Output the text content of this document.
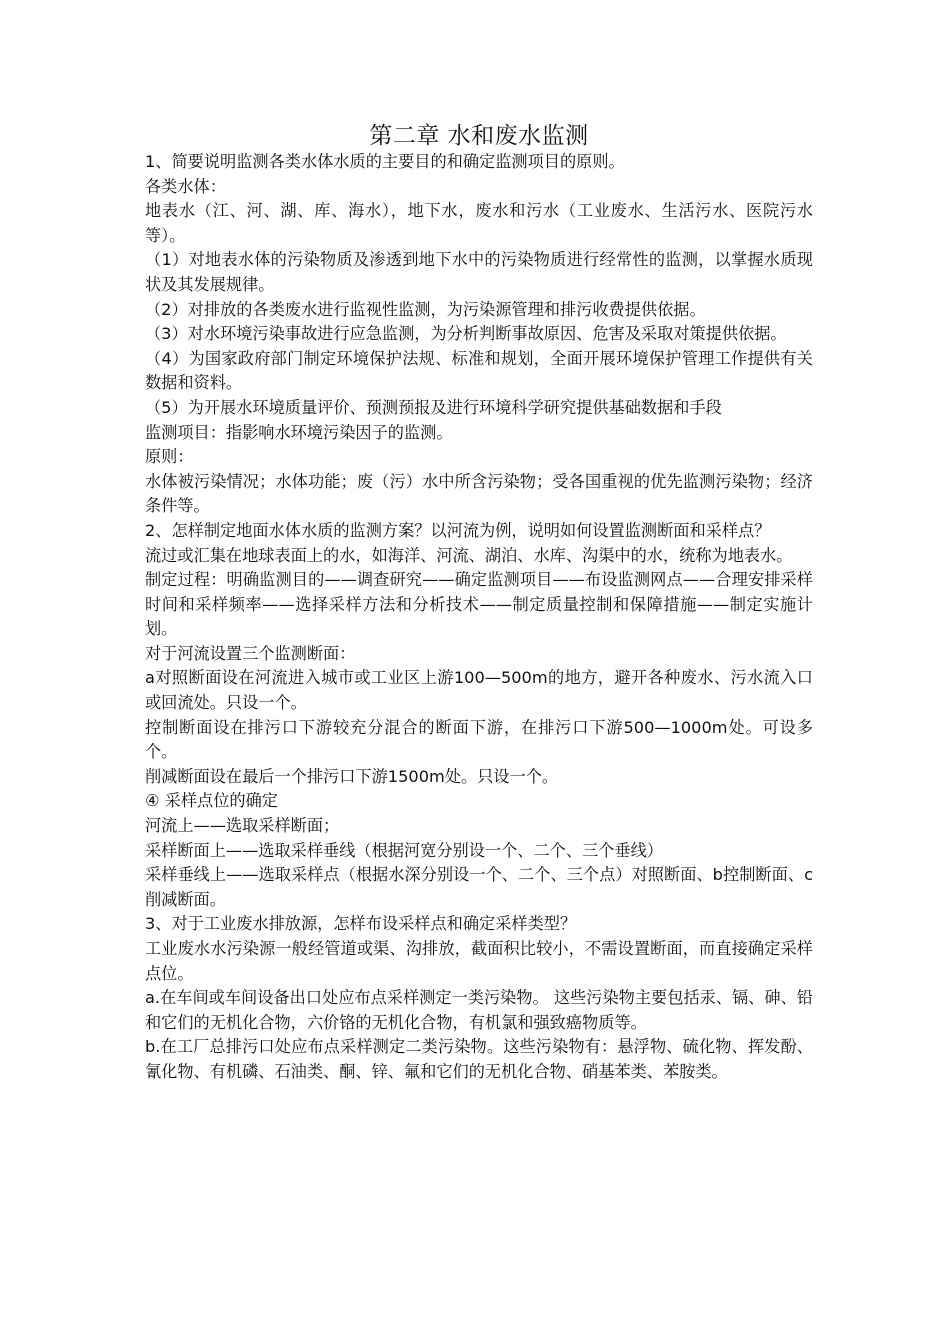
第二章 水和废水监测

1、简要说明监测各类水体水质的主要目的和确定监测项目的原则。

各类水体：

地表水（江、河、湖、库、海水），地下水，废水和污水（工业废水、生活污水、医院污水等）。

（1）对地表水体的污染物质及渗透到地下水中的污染物质进行经常性的监测，以掌握水质现状及其发展规律。

（2）对排放的各类废水进行监视性监测，为污染源管理和排污收费提供依据。

（3）对水环境污染事故进行应急监测，为分析判断事故原因、危害及采取对策提供依据。

（4）为国家政府部门制定环境保护法规、标准和规划，全面开展环境保护管理工作提供有关数据和资料。

（5）为开展水环境质量评价、预测预报及进行环境科学研究提供基础数据和手段

监测项目：指影响水环境污染因子的监测。

原则：

水体被污染情况；水体功能；废（污）水中所含污染物；受各国重视的优先监测污染物；经济条件等。

2、怎样制定地面水体水质的监测方案？以河流为例，说明如何设置监测断面和采样点？

流过或汇集在地球表面上的水，如海洋、河流、湖泊、水库、沟渠中的水，统称为地表水。

制定过程：明确监测目的——调查研究——确定监测项目——布设监测网点——合理安排采样时间和采样频率——选择采样方法和分析技术——制定质量控制和保障措施——制定实施计划。

对于河流设置三个监测断面：

a对照断面设在河流进入城市或工业区上游100—500m的地方，避开各种废水、污水流入口或回流处。只设一个。

控制断面设在排污口下游较充分混合的断面下游，在排污口下游500—1000m处。可设多个。

削减断面设在最后一个排污口下游1500m处。只设一个。

④ 采样点位的确定

河流上——选取采样断面；

采样断面上——选取采样垂线（根据河宽分别设一个、二个、三个垂线）

采样垂线上——选取采样点（根据水深分别设一个、二个、三个点）对照断面、b控制断面、c削减断面。

3、对于工业废水排放源，怎样布设采样点和确定采样类型？

工业废水水污染源一般经管道或渠、沟排放，截面积比较小，不需设置断面，而直接确定采样点位。

a.在车间或车间设备出口处应布点采样测定一类污染物。 这些污染物主要包括汞、镉、砷、铅和它们的无机化合物，六价铬的无机化合物，有机氯和强致癌物质等。

b.在工厂总排污口处应布点采样测定二类污染物。这些污染物有：悬浮物、硫化物、挥发酚、氰化物、有机磷、石油类、酮、锌、氟和它们的无机化合物、硝基苯类、苯胺类。
